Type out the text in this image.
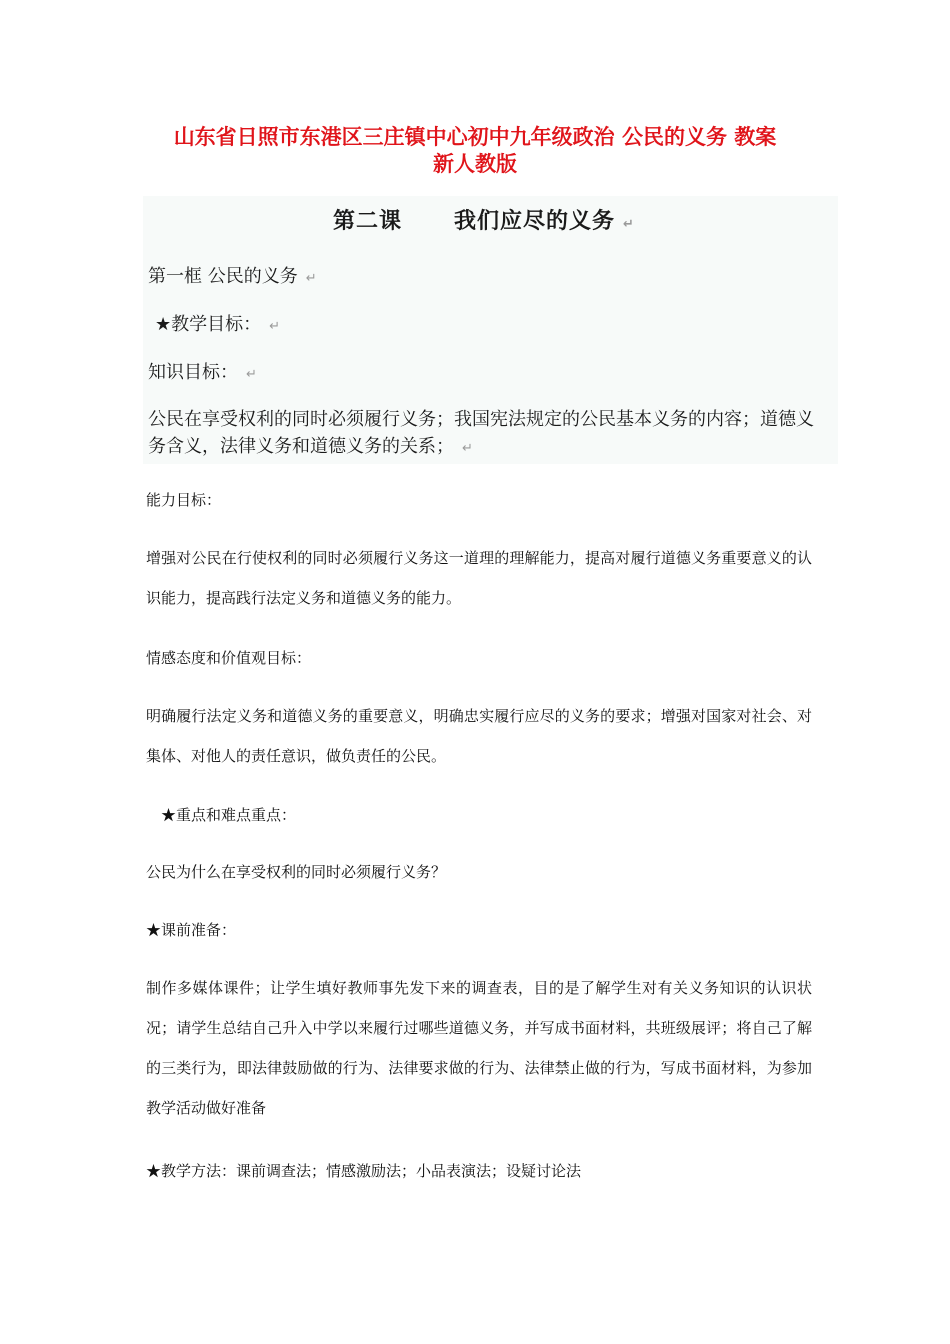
山东省日照市东港区三庄镇中心初中九年级政治 公民的义务 教案
新人教版
第二课      我们应尽的义务 ↵
第一框 公民的义务 ↵
★教学目标： ↵
知识目标： ↵
公民在享受权利的同时必须履行义务；我国宪法规定的公民基本义务的内容；道德义务含义，法律义务和道德义务的关系； ↵
能力目标：
增强对公民在行使权利的同时必须履行义务这一道理的理解能力，提高对履行道德义务重要意义的认识能力，提高践行法定义务和道德义务的能力。
情感态度和价值观目标：
明确履行法定义务和道德义务的重要意义，明确忠实履行应尽的义务的要求；增强对国家对社会、对集体、对他人的责任意识，做负责任的公民。
★重点和难点重点：
公民为什么在享受权利的同时必须履行义务？
★课前准备：
制作多媒体课件；让学生填好教师事先发下来的调查表，目的是了解学生对有关义务知识的认识状况；请学生总结自己升入中学以来履行过哪些道德义务，并写成书面材料，共班级展评；将自己了解的三类行为，即法律鼓励做的行为、法律要求做的行为、法律禁止做的行为，写成书面材料，为参加教学活动做好准备
★教学方法：课前调查法；情感激励法；小品表演法；设疑讨论法
